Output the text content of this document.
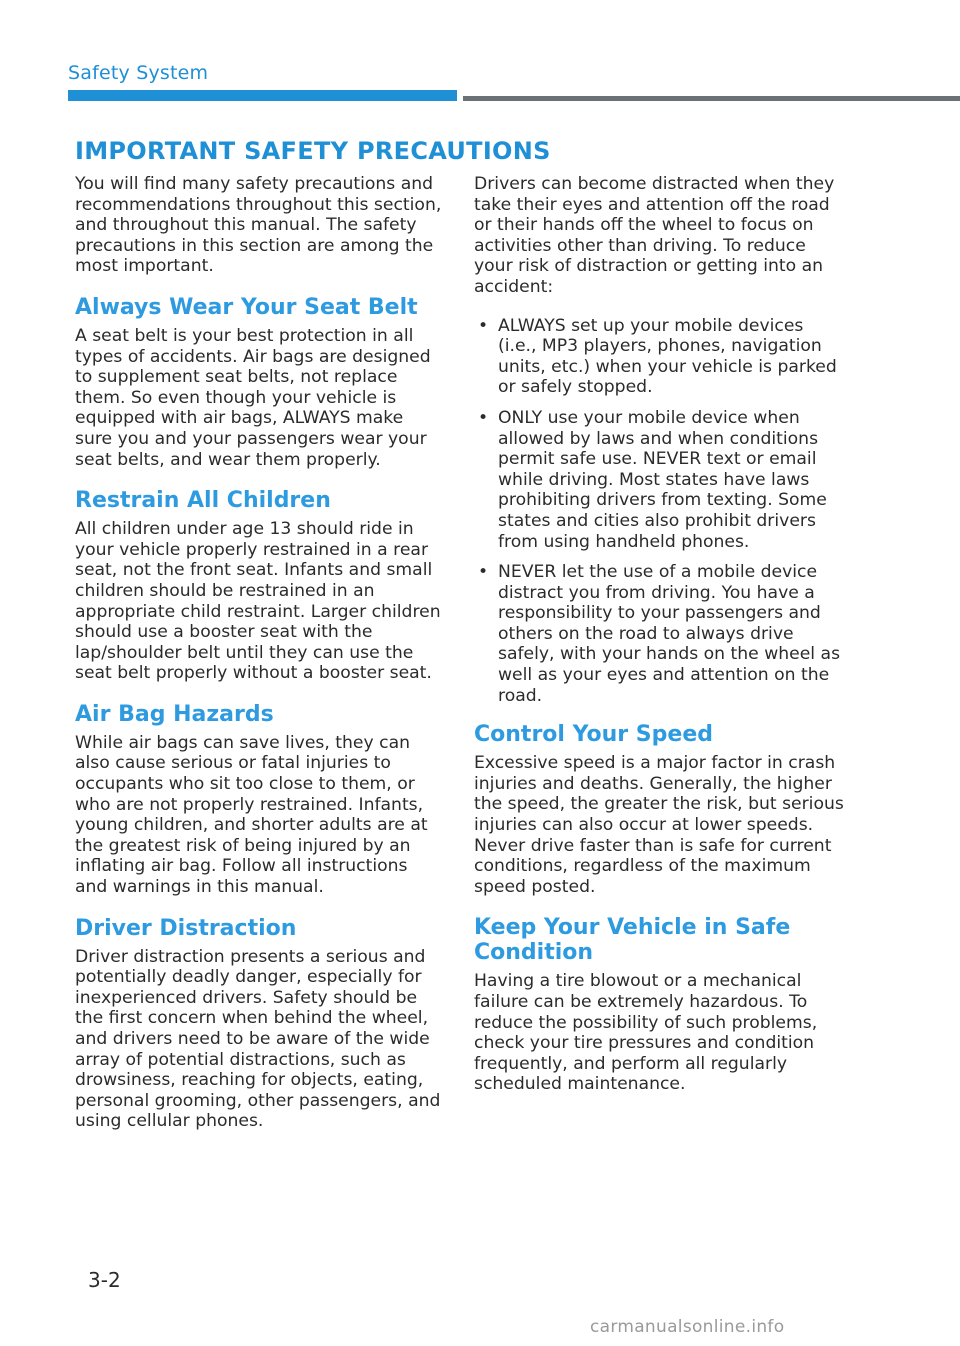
Safety System
IMPORTANT SAFETY PRECAUTIONS

You will find many safety precautions and recommendations throughout this section, and throughout this manual. The safety precautions in this section are among the most important.

Always Wear Your Seat Belt

A seat belt is your best protection in all types of accidents. Air bags are designed to supplement seat belts, not replace them. So even though your vehicle is equipped with air bags, ALWAYS make sure you and your passengers wear your seat belts, and wear them properly.

Restrain All Children

All children under age 13 should ride in your vehicle properly restrained in a rear seat, not the front seat. Infants and small children should be restrained in an appropriate child restraint. Larger children should use a booster seat with the lap/shoulder belt until they can use the seat belt properly without a booster seat.

Air Bag Hazards

While air bags can save lives, they can also cause serious or fatal injuries to occupants who sit too close to them, or who are not properly restrained. Infants, young children, and shorter adults are at the greatest risk of being injured by an inflating air bag. Follow all instructions and warnings in this manual.

Driver Distraction

Driver distraction presents a serious and potentially deadly danger, especially for inexperienced drivers. Safety should be the first concern when behind the wheel, and drivers need to be aware of the wide array of potential distractions, such as drowsiness, reaching for objects, eating, personal grooming, other passengers, and using cellular phones.

Drivers can become distracted when they take their eyes and attention off the road or their hands off the wheel to focus on activities other than driving. To reduce your risk of distraction or getting into an accident:

• ALWAYS set up your mobile devices (i.e., MP3 players, phones, navigation units, etc.) when your vehicle is parked or safely stopped.
• ONLY use your mobile device when allowed by laws and when conditions permit safe use. NEVER text or email while driving. Most states have laws prohibiting drivers from texting. Some states and cities also prohibit drivers from using handheld phones.
• NEVER let the use of a mobile device distract you from driving. You have a responsibility to your passengers and others on the road to always drive safely, with your hands on the wheel as well as your eyes and attention on the road.
Control Your Speed

Excessive speed is a major factor in crash injuries and deaths. Generally, the higher the speed, the greater the risk, but serious injuries can also occur at lower speeds. Never drive faster than is safe for current conditions, regardless of the maximum speed posted.

Keep Your Vehicle in Safe Condition

Having a tire blowout or a mechanical failure can be extremely hazardous. To reduce the possibility of such problems, check your tire pressures and condition frequently, and perform all regularly scheduled maintenance.

3-2
carmanualsonline.info
